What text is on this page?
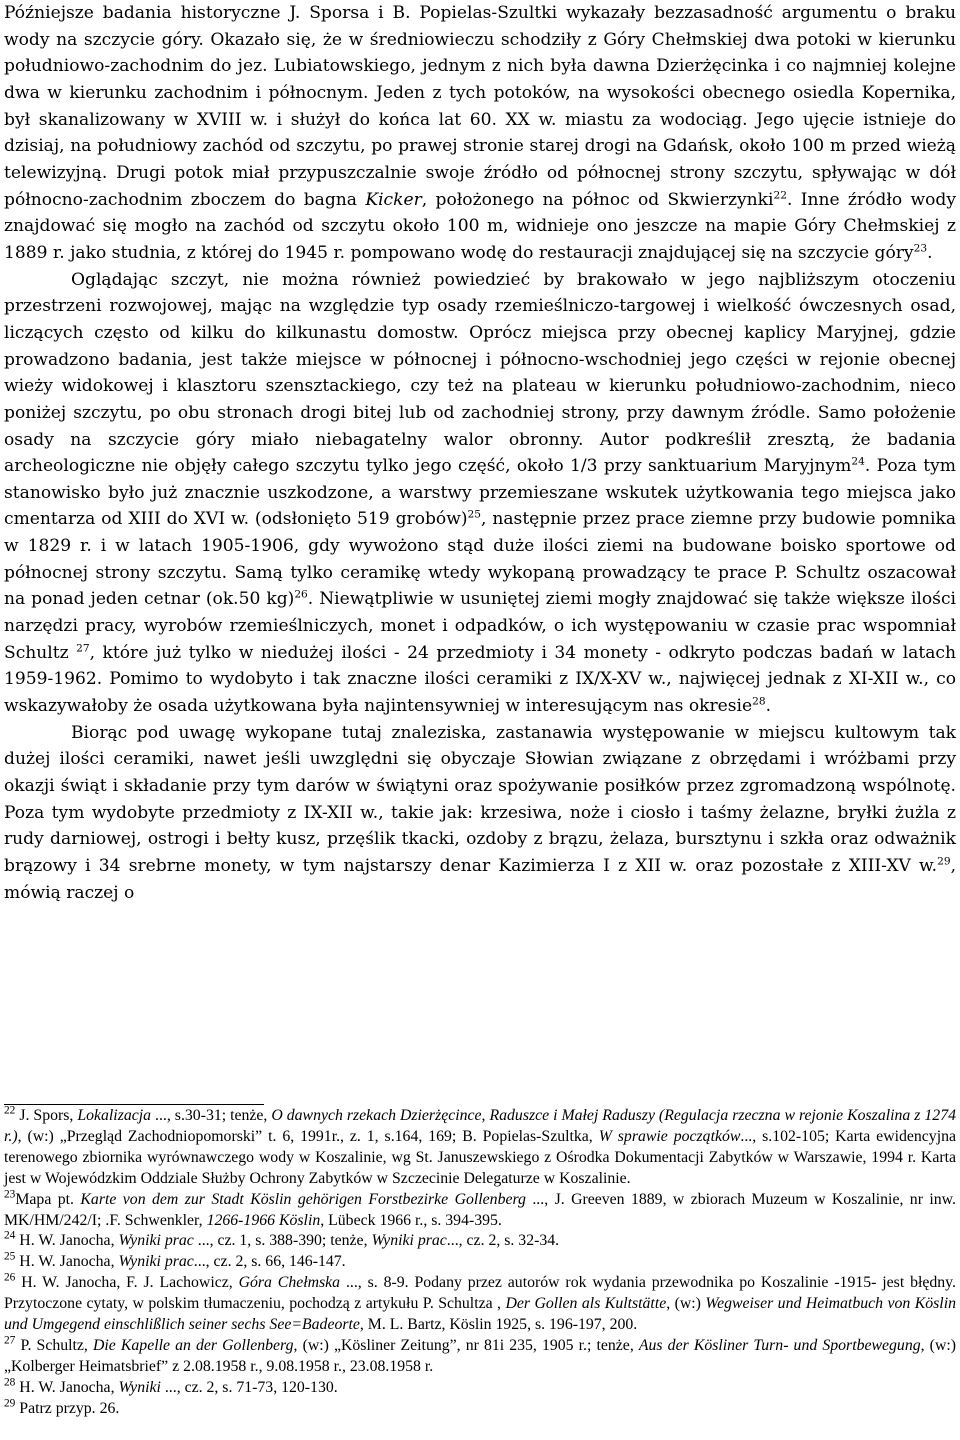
Późniejsze badania historyczne J. Sporsa i B. Popielas-Szultki wykazały bezzasadność argumentu o braku wody na szczycie góry. Okazało się, że w średniowieczu schodziły z Góry Chełmskiej dwa potoki w kierunku południowo-zachodnim do jez. Lubiatowskiego, jednym z nich była dawna Dzierżęcinka i co najmniej kolejne dwa w kierunku zachodnim i północnym. Jeden z tych potoków, na wysokości obecnego osiedla Kopernika, był skanalizowany w XVIII w. i służył do końca lat 60. XX w. miastu za wodociąg. Jego ujęcie istnieje do dzisiaj, na południowy zachód od szczytu, po prawej stronie starej drogi na Gdańsk, około 100 m przed wieżą telewizyjną. Drugi potok miał przypuszczalnie swoje źródło od północnej strony szczytu, spływając w dół północno-zachodnim zboczem do bagna Kicker, położonego na północ od Skwierzynki$^{22}$. Inne źródło wody znajdować się mogło na zachód od szczytu około 100 m, widnieje ono jeszcze na mapie Góry Chełmskiej z 1889 r. jako studnia, z której do 1945 r. pompowano wodę do restauracji znajdującej się na szczycie góry$^{23}$.

Oglądając szczyt, nie można również powiedzieć by brakowało w jego najbliższym otoczeniu przestrzeni rozwojowej, mając na względzie typ osady rzemieślniczo-targowej i wielkość ówczesnych osad, liczących często od kilku do kilkunastu domostw. Oprócz miejsca przy obecnej kaplicy Maryjnej, gdzie prowadzono badania, jest także miejsce w północnej i północno-wschodniej jego części w rejonie obecnej wieży widokowej i klasztoru szensztackiego, czy też na plateau w kierunku południowo-zachodnim, nieco poniżej szczytu, po obu stronach drogi bitej lub od zachodniej strony, przy dawnym źródle. Samo położenie osady na szczycie góry miało niebagatelny walor obronny. Autor podkreślił zresztą, że badania archeologiczne nie objęły całego szczytu tylko jego część, około 1/3 przy sanktuarium Maryjnym$^{24}$. Poza tym stanowisko było już znacznie uszkodzone, a warstwy przemieszane wskutek użytkowania tego miejsca jako cmentarza od XIII do XVI w. (odsłonięto 519 grobów)$^{25}$, następnie przez prace ziemne przy budowie pomnika w 1829 r. i w latach 1905-1906, gdy wywożono stąd duże ilości ziemi na budowane boisko sportowe od północnej strony szczytu. Samą tylko ceramikę wtedy wykopaną prowadzący te prace P. Schultz oszacował na ponad jeden cetnar (ok.50 kg)$^{26}$. Niewątpliwie w usuniętej ziemi mogły znajdować się także większe ilości narzędzi pracy, wyrobów rzemieślniczych, monet i odpadków, o ich występowaniu w czasie prac wspomniał Schultz $^{27}$, które już tylko w niedużej ilości - 24 przedmioty i 34 monety - odkryto podczas badań w latach 1959-1962. Pomimo to wydobyto i tak znaczne ilości ceramiki z IX/X-XV w., najwięcej jednak z XI-XII w., co wskazywałoby że osada użytkowana była najintensywniej w interesującym nas okresie$^{28}$.

Biorąc pod uwagę wykopane tutaj znaleziska, zastanawia występowanie w miejscu kultowym tak dużej ilości ceramiki, nawet jeśli uwzględni się obyczaje Słowian związane z obrzędami i wróżbami przy okazji świąt i składanie przy tym darów w świątyni oraz spożywanie posiłków przez zgromadzoną wspólnotę. Poza tym wydobyte przedmioty z IX-XII w., takie jak: krzesiwa, noże i ciosło i taśmy żelazne, bryłki żużla z rudy darniowej, ostrogi i bełty kusz, przęślik tkacki, ozdoby z brązu, żelaza, bursztynu i szkła oraz odważnik brązowy i 34 srebrne monety, w tym najstarszy denar Kazimierza I z XII w. oraz pozostałe z XIII-XV w.$^{29}$, mówią raczej o

$^{22}$ J. Spors, Lokalizacja ..., s.30-31; tenże, O dawnych rzekach Dzierżęcince, Raduszce i Małej Raduszy (Regulacja rzeczna w rejonie Koszalina z 1274 r.), (w:) „Przegląd Zachodniopomorski” t. 6, 1991r., z. 1, s.164, 169; B. Popielas-Szultka, W sprawie początków..., s.102-105; Karta ewidencyjna terenowego zbiornika wyrównawczego wody w Koszalinie, wg St. Januszewskiego z Ośrodka Dokumentacji Zabytków w Warszawie, 1994 r. Karta jest w Wojewódzkim Oddziale Służby Ochrony Zabytków w Szczecinie Delegaturze w Koszalinie.

$^{23}$Mapa pt. Karte von dem zur Stadt Köslin gehörigen Forstbezirke Gollenberg ..., J. Greeven 1889, w zbiorach Muzeum w Koszalinie, nr inw. MK/HM/242/I; .F. Schwenkler, 1266-1966 Köslin, Lübeck 1966 r., s. 394-395.

$^{24}$ H. W. Janocha, Wyniki prac ..., cz. 1, s. 388-390; tenże, Wyniki prac..., cz. 2, s. 32-34.

$^{25}$ H. W. Janocha, Wyniki prac..., cz. 2, s. 66, 146-147.

$^{26}$ H. W. Janocha, F. J. Lachowicz, Góra Chełmska ..., s. 8-9. Podany przez autorów rok wydania przewodnika po Koszalinie -1915- jest błędny. Przytoczone cytaty, w polskim tłumaczeniu, pochodzą z artykułu P. Schultza , Der Gollen als Kultstätte, (w:) Wegweiser und Heimatbuch von Köslin und Umgegend einschlißlich seiner sechs See=Badeorte, M. L. Bartz, Köslin 1925, s. 196-197, 200.

$^{27}$ P. Schultz, Die Kapelle an der Gollenberg, (w:) „Kösliner Zeitung”, nr 81i 235, 1905 r.; tenże, Aus der Kösliner Turn- und Sportbewegung, (w:) „Kolberger Heimatsbrief” z 2.08.1958 r., 9.08.1958 r., 23.08.1958 r.

$^{28}$ H. W. Janocha, Wyniki ..., cz. 2, s. 71-73, 120-130.

$^{29}$ Patrz przyp. 26.
